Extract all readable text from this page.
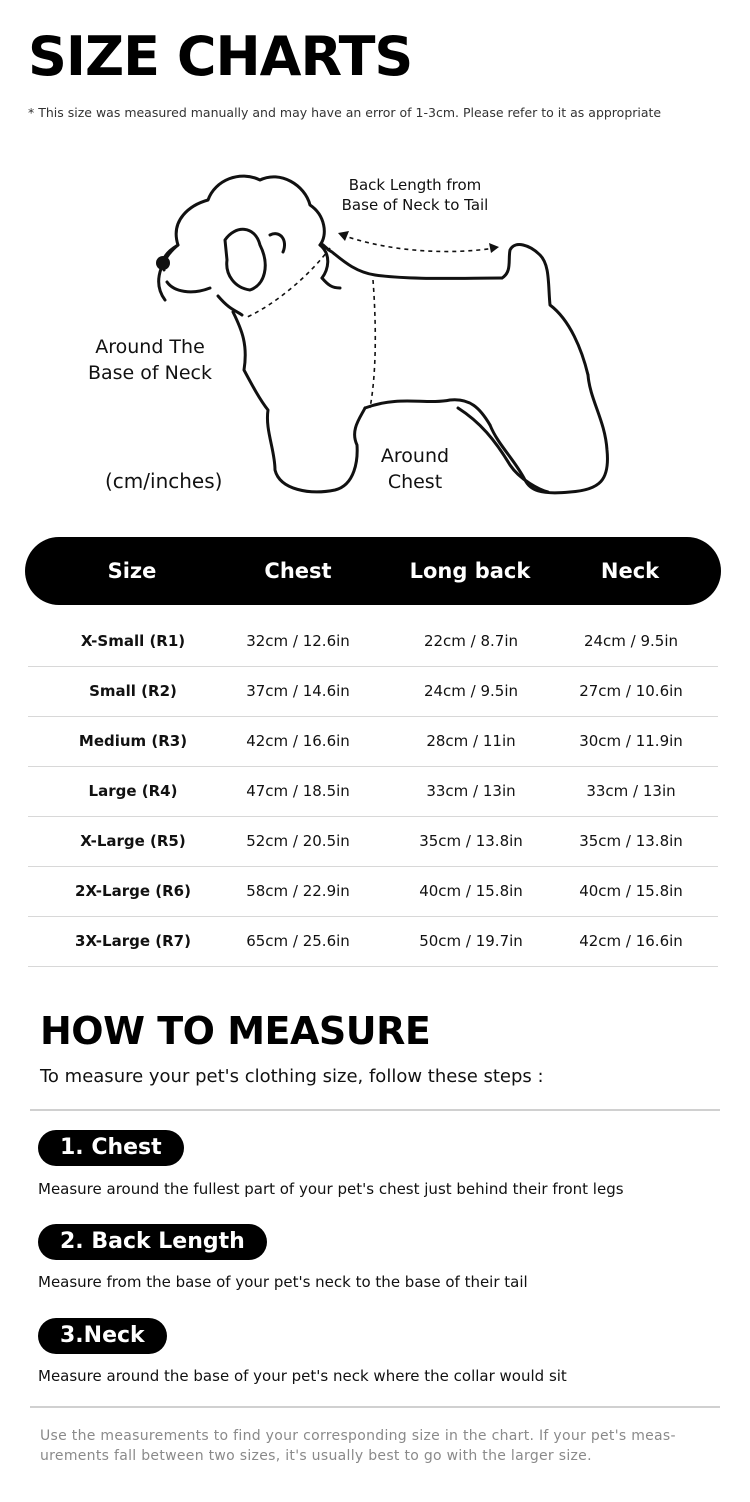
SIZE CHARTS
* This size was measured manually and may have an error of 1-3cm. Please refer to it as appropriate
Back Length from
Base of Neck to Tail
Around The
Base of Neck
Around
Chest
(cm/inches)
Size	Chest	Long back	Neck
X-Small (R1)	32cm / 12.6in	22cm / 8.7in	24cm / 9.5in
Small (R2)	37cm / 14.6in	24cm / 9.5in	27cm / 10.6in
Medium (R3)	42cm / 16.6in	28cm / 11in	30cm / 11.9in
Large (R4)	47cm / 18.5in	33cm / 13in	33cm / 13in
X-Large (R5)	52cm / 20.5in	35cm / 13.8in	35cm / 13.8in
2X-Large (R6)	58cm / 22.9in	40cm / 15.8in	40cm / 15.8in
3X-Large (R7)	65cm / 25.6in	50cm / 19.7in	42cm / 16.6in
HOW TO MEASURE
To measure your pet's clothing size, follow these steps :
1. Chest
Measure around the fullest part of your pet's chest just behind their front legs
2. Back Length
Measure from the base of your pet's neck to the base of their tail
3.Neck
Measure around the base of your pet's neck where the collar would sit
Use the measurements to find your corresponding size in the chart. If your pet's meas-
urements fall between two sizes, it's usually best to go with the larger size.
